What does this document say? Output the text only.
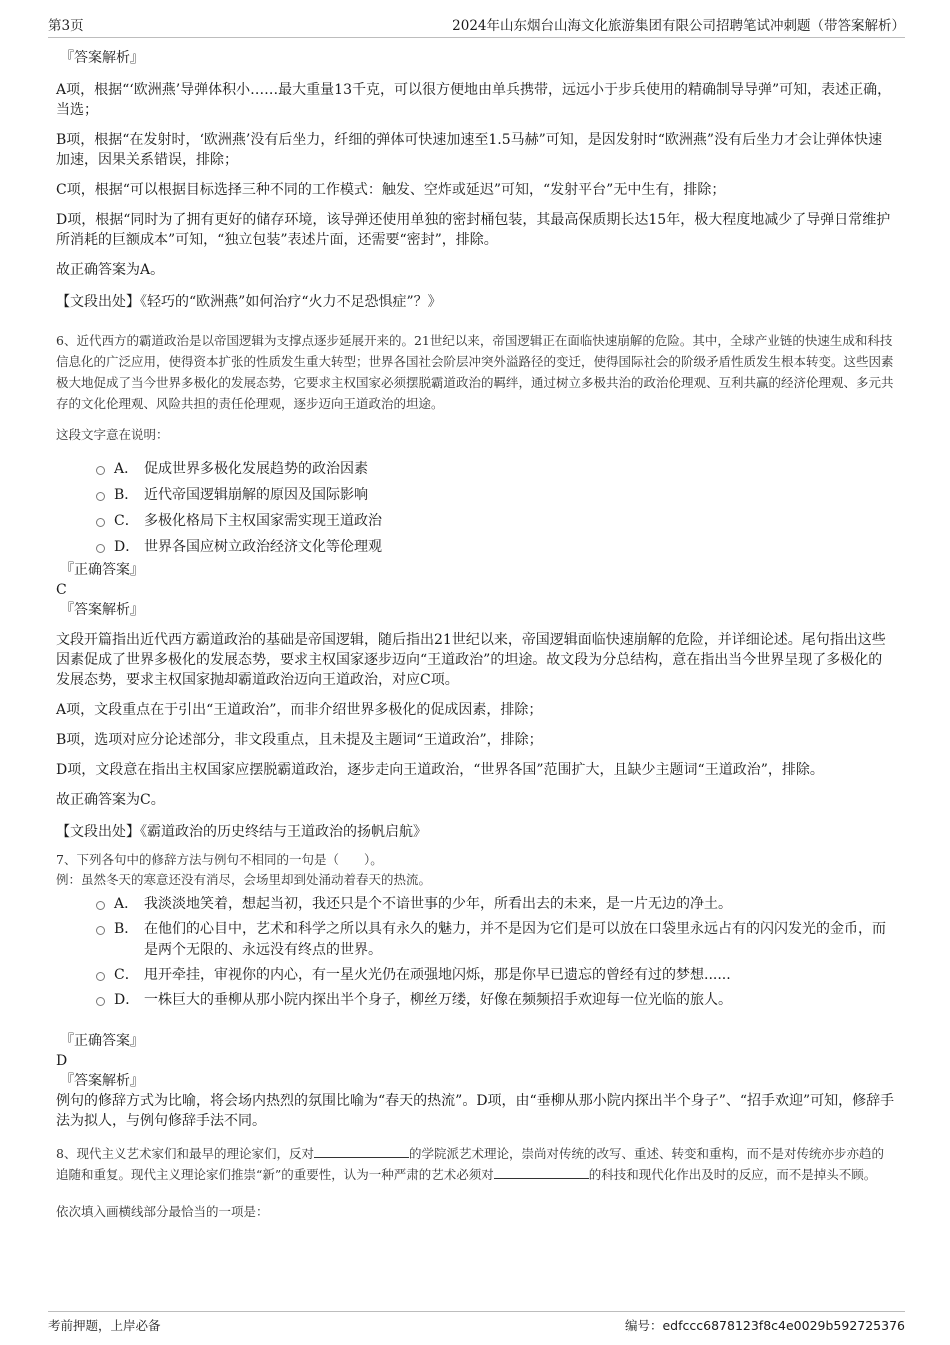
第3页	2024年山东烟台山海文化旅游集团有限公司招聘笔试冲刺题（带答案解析）
『答案解析』
A项，根据“‘欧洲燕’导弹体积小……最大重量13千克，可以很方便地由单兵携带，远远小于步兵使用的精确制导导弹”可知，表述正确，当选；
B项，根据“在发射时，‘欧洲燕’没有后坐力，纤细的弹体可快速加速至1.5马赫”可知，是因发射时“欧洲燕”没有后坐力才会让弹体快速加速，因果关系错误，排除；
C项，根据“可以根据目标选择三种不同的工作模式：触发、空炸或延迟”可知，“发射平台”无中生有，排除；
D项，根据“同时为了拥有更好的储存环境，该导弹还使用单独的密封桶包装，其最高保质期长达15年，极大程度地减少了导弹日常维护所消耗的巨额成本”可知，“独立包装”表述片面，还需要“密封”，排除。
故正确答案为A。
【文段出处】《轻巧的“欧洲燕”如何治疗“火力不足恐惧症”？》
6、近代西方的霸道政治是以帝国逻辑为支撑点逐步延展开来的。21世纪以来，帝国逻辑正在面临快速崩解的危险。其中，全球产业链的快速生成和科技信息化的广泛应用，使得资本扩张的性质发生重大转型；世界各国社会阶层冲突外溢路径的变迁，使得国际社会的阶级矛盾性质发生根本转变。这些因素极大地促成了当今世界多极化的发展态势，它要求主权国家必须摆脱霸道政治的羁绊，通过树立多极共治的政治伦理观、互利共赢的经济伦理观、多元共存的文化伦理观、风险共担的责任伦理观，逐步迈向王道政治的坦途。
这段文字意在说明：
A． 促成世界多极化发展趋势的政治因素
B． 近代帝国逻辑崩解的原因及国际影响
C． 多极化格局下主权国家需实现王道政治
D． 世界各国应树立政治经济文化等伦理观
『正确答案』
C
『答案解析』
文段开篇指出近代西方霸道政治的基础是帝国逻辑，随后指出21世纪以来，帝国逻辑面临快速崩解的危险，并详细论述。尾句指出这些因素促成了世界多极化的发展态势，要求主权国家逐步迈向“王道政治”的坦途。故文段为分总结构，意在指出当今世界呈现了多极化的发展态势，要求主权国家抛却霸道政治迈向王道政治，对应C项。
A项，文段重点在于引出“王道政治”，而非介绍世界多极化的促成因素，排除；
B项，选项对应分论述部分，非文段重点，且未提及主题词“王道政治”，排除；
D项，文段意在指出主权国家应摆脱霸道政治，逐步走向王道政治，“世界各国”范围扩大，且缺少主题词“王道政治”，排除。
故正确答案为C。
【文段出处】《霸道政治的历史终结与王道政治的扬帆启航》
7、下列各句中的修辞方法与例句不相同的一句是（　　）。
例：虽然冬天的寒意还没有消尽，会场里却到处涌动着春天的热流。
A． 我淡淡地笑着，想起当初，我还只是个不谙世事的少年，所看出去的未来，是一片无边的净土。
B． 在他们的心目中，艺术和科学之所以具有永久的魅力，并不是因为它们是可以放在口袋里永远占有的闪闪发光的金币，而是两个无限的、永远没有终点的世界。
C． 甩开牵挂，审视你的内心，有一星火光仍在顽强地闪烁，那是你早已遗忘的曾经有过的梦想......
D． 一株巨大的垂柳从那小院内探出半个身子，柳丝万缕，好像在频频招手欢迎每一位光临的旅人。
『正确答案』
D
『答案解析』
例句的修辞方式为比喻，将会场内热烈的氛围比喻为“春天的热流”。D项，由“垂柳从那小院内探出半个身子”、“招手欢迎”可知，修辞手法为拟人，与例句修辞手法不同。
8、现代主义艺术家们和最早的理论家们，反对	的学院派艺术理论，崇尚对传统的改写、重述、转变和重构，而不是对传统亦步亦趋的追随和重复。现代主义理论家们推崇“新”的重要性，认为一种严肃的艺术必须对	的科技和现代化作出及时的反应，而不是掉头不顾。
依次填入画横线部分最恰当的一项是：
考前押题，上岸必备	编号：edfccc6878123f8c4e0029b592725376
